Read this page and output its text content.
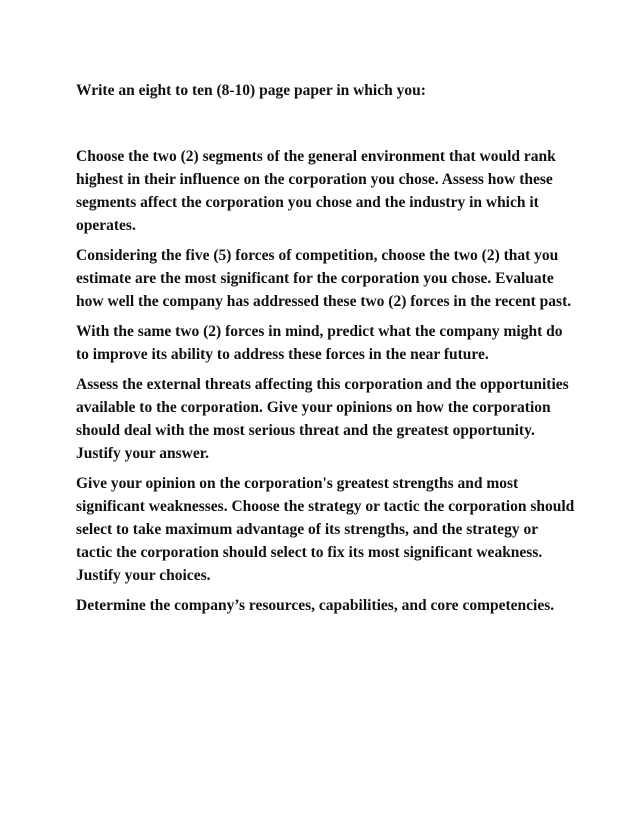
Write an eight to ten (8-10) page paper in which you:

Choose the two (2) segments of the general environment that would rank highest in their influence on the corporation you chose. Assess how these segments affect the corporation you chose and the industry in which it operates.

Considering the five (5) forces of competition, choose the two (2) that you estimate are the most significant for the corporation you chose. Evaluate how well the company has addressed these two (2) forces in the recent past.

With the same two (2) forces in mind, predict what the company might do to improve its ability to address these forces in the near future.

Assess the external threats affecting this corporation and the opportunities available to the corporation. Give your opinions on how the corporation should deal with the most serious threat and the greatest opportunity. Justify your answer.

Give your opinion on the corporation's greatest strengths and most significant weaknesses. Choose the strategy or tactic the corporation should select to take maximum advantage of its strengths, and the strategy or tactic the corporation should select to fix its most significant weakness. Justify your choices.

Determine the company’s resources, capabilities, and core competencies.
